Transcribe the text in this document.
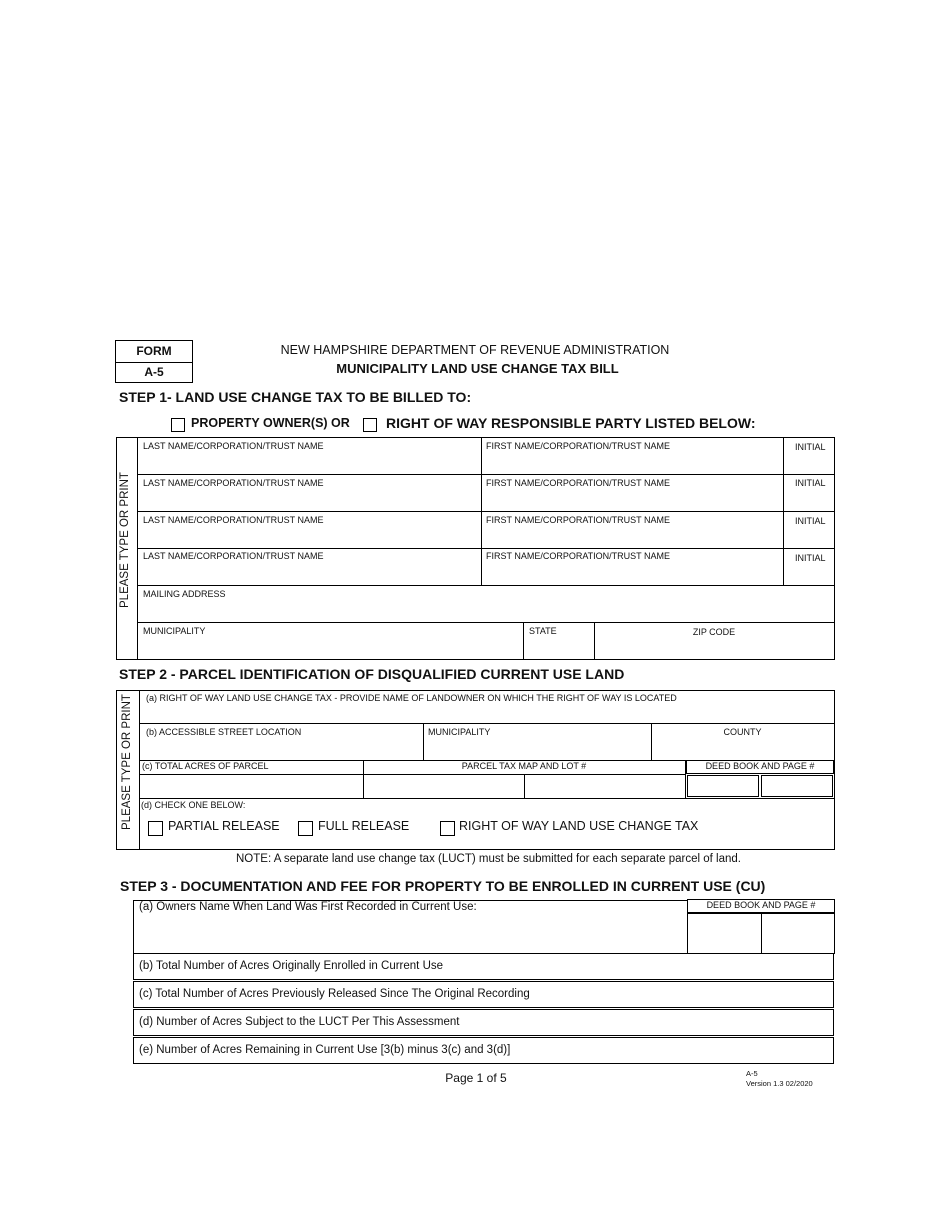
FORM
A-5
NEW HAMPSHIRE DEPARTMENT OF REVENUE ADMINISTRATION
MUNICIPALITY LAND USE CHANGE TAX BILL
STEP 1- LAND USE CHANGE TAX TO BE BILLED TO:
PROPERTY OWNER(S) OR	RIGHT OF WAY RESPONSIBLE PARTY LISTED BELOW:
PLEASE TYPE OR PRINT
LAST NAME/CORPORATION/TRUST NAME	FIRST NAME/CORPORATION/TRUST NAME	INITIAL
LAST NAME/CORPORATION/TRUST NAME	FIRST NAME/CORPORATION/TRUST NAME	INITIAL
LAST NAME/CORPORATION/TRUST NAME	FIRST NAME/CORPORATION/TRUST NAME	INITIAL
LAST NAME/CORPORATION/TRUST NAME	FIRST NAME/CORPORATION/TRUST NAME	INITIAL
MAILING ADDRESS
MUNICIPALITY	STATE	ZIP CODE
STEP 2 - PARCEL IDENTIFICATION OF DISQUALIFIED CURRENT USE LAND
PLEASE TYPE OR PRINT (a) RIGHT OF WAY LAND USE CHANGE TAX - PROVIDE NAME OF LANDOWNER ON WHICH THE RIGHT OF WAY IS LOCATED
(b) ACCESSIBLE STREET LOCATION	MUNICIPALITY	COUNTY
(c) TOTAL ACRES OF PARCEL	PARCEL TAX MAP AND LOT #	DEED BOOK AND PAGE #
(d) CHECK ONE BELOW:
PARTIAL RELEASE	FULL RELEASE	RIGHT OF WAY LAND USE CHANGE TAX
NOTE: A separate land use change tax (LUCT) must be submitted for each separate parcel of land.
STEP 3 - DOCUMENTATION AND FEE FOR PROPERTY TO BE ENROLLED IN CURRENT USE (CU)
(a) Owners Name When Land Was First Recorded in Current Use:	DEED BOOK AND PAGE #
(b) Total Number of Acres Originally Enrolled in Current Use
(c) Total Number of Acres Previously Released Since The Original Recording
(d) Number of Acres Subject to the LUCT Per This Assessment
(e) Number of Acres Remaining in Current Use [3(b) minus 3(c) and 3(d)]
Page 1 of 5	A-5
Version 1.3 02/2020
